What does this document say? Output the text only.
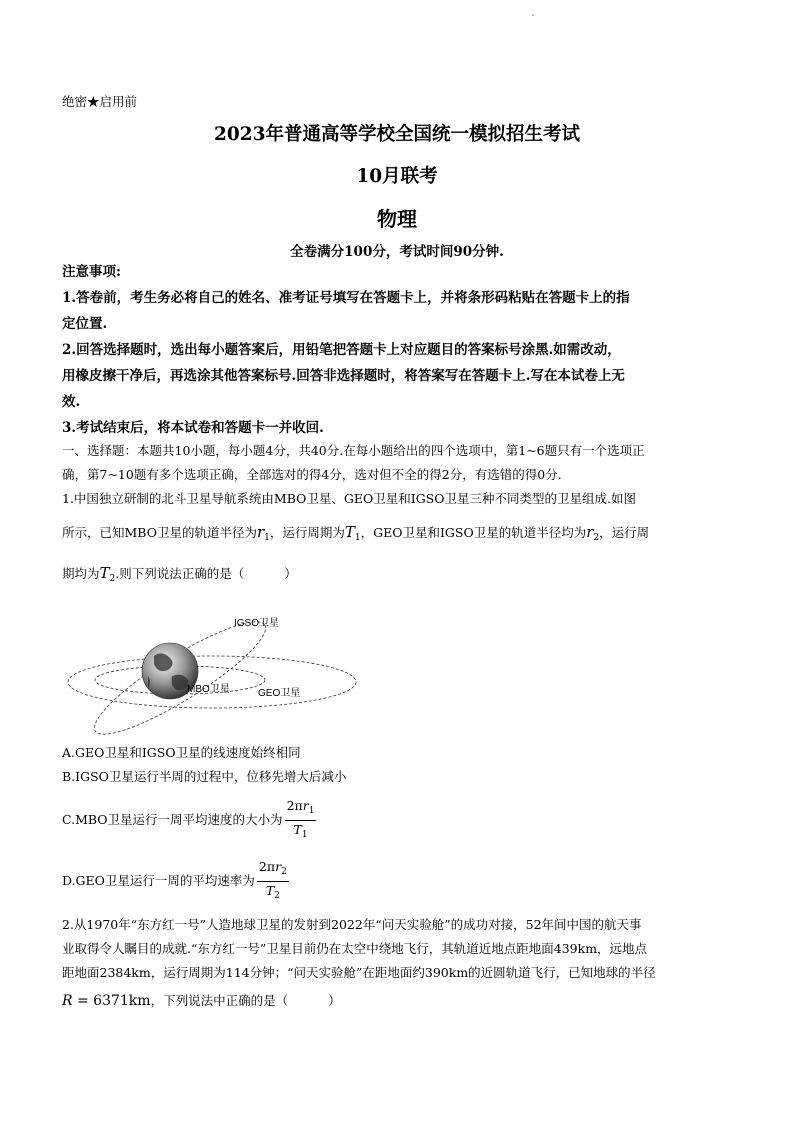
绝密★启用前
2023年普通高等学校全国统一模拟招生考试
10月联考
物理
全卷满分100分，考试时间90分钟.
注意事项:
1.答卷前，考生务必将自己的姓名、准考证号填写在答题卡上，并将条形码粘贴在答题卡上的指
定位置.
2.回答选择题时，选出每小题答案后，用铅笔把答题卡上对应题目的答案标号涂黑.如需改动，
用橡皮擦干净后，再选涂其他答案标号.回答非选择题时，将答案写在答题卡上.写在本试卷上无
效.
3.考试结束后，将本试卷和答题卡一并收回.
一、选择题：本题共10小题，每小题4分，共40分.在每小题给出的四个选项中，第1~6题只有一个选项正
确，第7~10题有多个选项正确，全部选对的得4分，选对但不全的得2分，有选错的得0分.
1.中国独立研制的北斗卫星导航系统由MBO卫星、GEO卫星和IGSO卫星三种不同类型的卫星组成.如图
所示，已知MBO卫星的轨道半径为$r_1$，运行周期为$T_1$，GEO卫星和IGSO卫星的轨道半径均为$r_2$，运行周
期均为$T_2$.则下列说法正确的是（	）
IGSO卫星
MBO卫星	GEO卫星
A.GEO卫星和IGSO卫星的线速度始终相同
B.IGSO卫星运行半周的过程中，位移先增大后减小
C.MBO卫星运行一周平均速度的大小为 $\frac{2\pi r_1}{T_1}$
D.GEO卫星运行一周的平均速率为 $\frac{2\pi r_2}{T_2}$
2.从1970年“东方红一号”人造地球卫星的发射到2022年“问天实验舱”的成功对接，52年间中国的航天事
业取得令人瞩目的成就.“东方红一号”卫星目前仍在太空中绕地飞行，其轨道近地点距地面439km，远地点
距地面2384km，运行周期为114分钟；“问天实验舱”在距地面约390km的近圆轨道飞行，已知地球的半径
R = 6371km，下列说法中正确的是（	）
